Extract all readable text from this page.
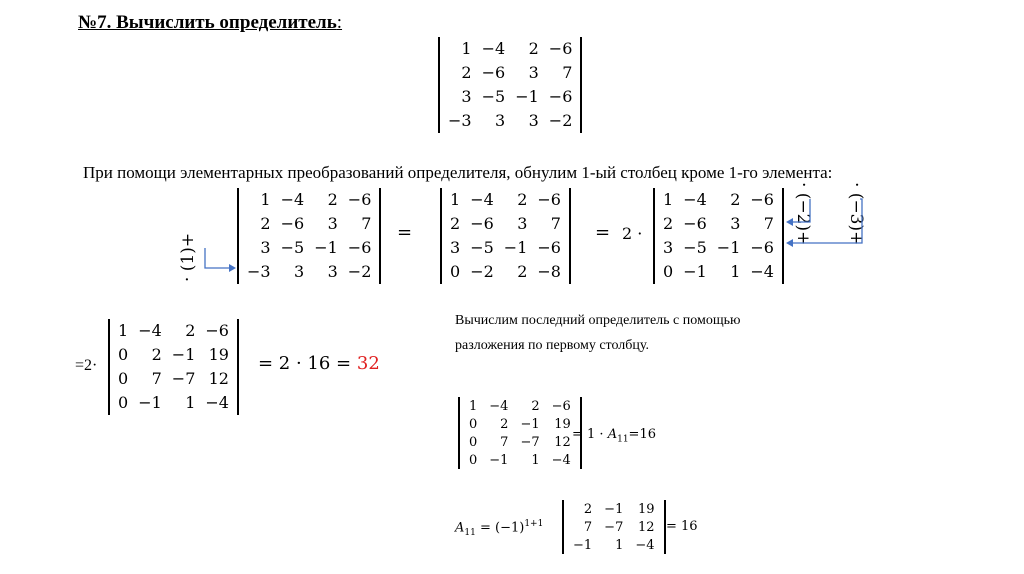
№7. Вычислить определитель:
1	−4	2	−6
2	−6	3	7
3	−5	−1	−6
−3	3	3	−2
При помощи элементарных преобразований определителя, обнулим 1-ый столбец кроме 1-го элемента:
· (1)+
1	−4	2	−6
2	−6	3	7
3	−5	−1	−6
−3	3	3	−2
=
1	−4	2	−6
2	−6	3	7
3	−5	−1	−6
0	−2	2	−8
= 2 ·
1	−4	2	−6
2	−6	3	7
3	−5	−1	−6
0	−1	1	−4
· (−2)+ · (−3)+
=2·
1	−4	2	−6
0	2	−1	19
0	7	−7	12
0	−1	1	−4
= 2 · 16 = 32
Вычислим последний определитель с помощью
разложения по первому столбцу.
1	−4	2	−6
0	2	−1	19
0	7	−7	12
0	−1	1	−4
= $1 \cdot A_{11}=16$
$A_{11} = (-1)^{1+1}$
2	−1	19
7	−7	12
−1	1	−4
= 16
